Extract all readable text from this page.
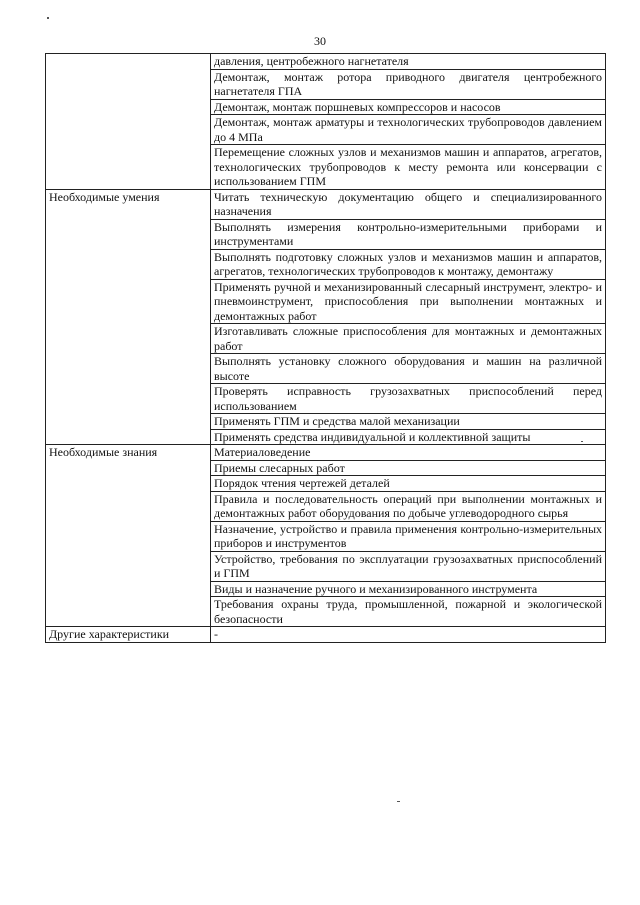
30
	давления, центробежного нагнетателя
	Демонтаж, монтаж ротора приводного двигателя центробежного нагнетателя ГПА
	Демонтаж, монтаж поршневых компрессоров и насосов
	Демонтаж, монтаж арматуры и технологических трубопроводов давлением до 4 МПа
	Перемещение сложных узлов и механизмов машин и аппаратов, агрегатов, технологических трубопроводов к месту ремонта или консервации с использованием ГПМ
Необходимые умения	Читать техническую документацию общего и специализированного назначения
	Выполнять измерения контрольно-измерительными приборами и инструментами
	Выполнять подготовку сложных узлов и механизмов машин и аппаратов, агрегатов, технологических трубопроводов к монтажу, демонтажу
	Применять ручной и механизированный слесарный инструмент, электро- и пневмоинструмент, приспособления при выполнении монтажных и демонтажных работ
	Изготавливать сложные приспособления для монтажных и демонтажных работ
	Выполнять установку сложного оборудования и машин на различной высоте
	Проверять исправность грузозахватных приспособлений перед использованием
	Применять ГПМ и средства малой механизации
	Применять средства индивидуальной и коллективной защиты
Необходимые знания	Материаловедение
	Приемы слесарных работ
	Порядок чтения чертежей деталей
	Правила и последовательность операций при выполнении монтажных и демонтажных работ оборудования по добыче углеводородного сырья
	Назначение, устройство и правила применения контрольно-измерительных приборов и инструментов
	Устройство, требования по эксплуатации грузозахватных приспособлений и ГПМ
	Виды и назначение ручного и механизированного инструмента
	Требования охраны труда, промышленной, пожарной и экологической безопасности
Другие характеристики	-
